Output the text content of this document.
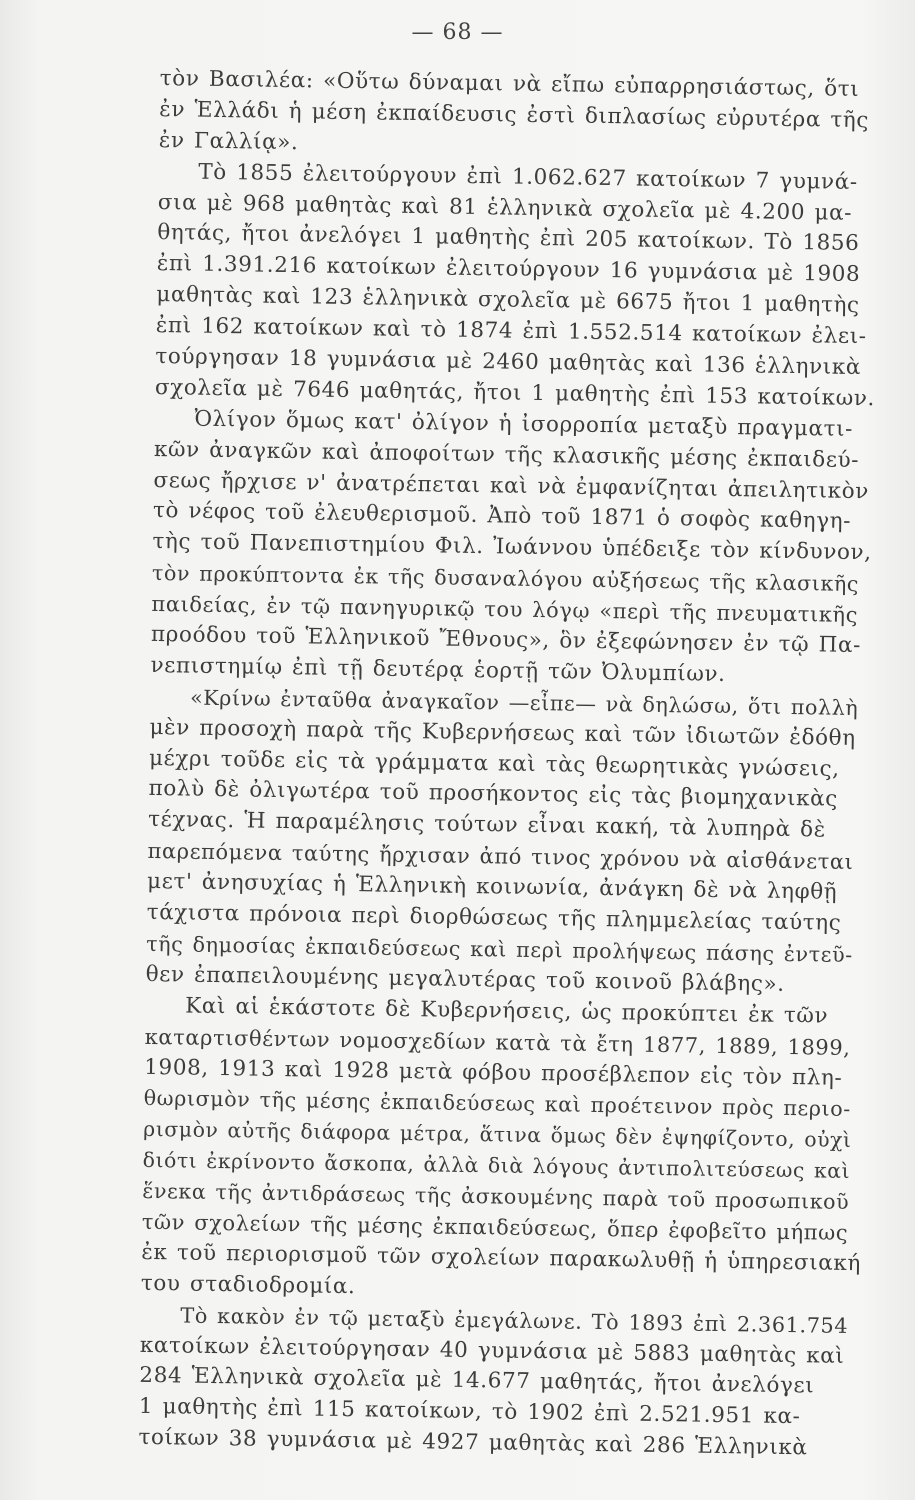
— 68 —
τὸν Βασιλέα: «Οὕτω δύναμαι νὰ εἴπω εὐπαρρησιάστως, ὅτι
ἐν Ἑλλάδι ἡ μέση ἐκπαίδευσις ἐστὶ διπλασίως εὐρυτέρα τῆς
ἐν Γαλλίᾳ».
Τὸ 1855 ἐλειτούργουν ἐπὶ 1.062.627 κατοίκων 7 γυμνά-
σια μὲ 968 μαθητὰς καὶ 81 ἑλληνικὰ σχολεῖα μὲ 4.200 μα-
θητάς, ἤτοι ἀνελόγει 1 μαθητὴς ἐπὶ 205 κατοίκων. Τὸ 1856
ἐπὶ 1.391.216 κατοίκων ἐλειτούργουν 16 γυμνάσια μὲ 1908
μαθητὰς καὶ 123 ἑλληνικὰ σχολεῖα μὲ 6675 ἤτοι 1 μαθητὴς
ἐπὶ 162 κατοίκων καὶ τὸ 1874 ἐπὶ 1.552.514 κατοίκων ἐλει-
τούργησαν 18 γυμνάσια μὲ 2460 μαθητὰς καὶ 136 ἑλληνικὰ
σχολεῖα μὲ 7646 μαθητάς, ἤτοι 1 μαθητὴς ἐπὶ 153 κατοίκων.
Ὀλίγον ὅμως κατ' ὀλίγον ἡ ἰσορροπία μεταξὺ πραγματι-
κῶν ἀναγκῶν καὶ ἀποφοίτων τῆς κλασικῆς μέσης ἐκπαιδεύ-
σεως ἤρχισε ν' ἀνατρέπεται καὶ νὰ ἐμφανίζηται ἀπειλητικὸν
τὸ νέφος τοῦ ἐλευθερισμοῦ. Ἀπὸ τοῦ 1871 ὁ σοφὸς καθηγη-
τὴς τοῦ Πανεπιστημίου Φιλ. Ἰωάννου ὑπέδειξε τὸν κίνδυνον,
τὸν προκύπτοντα ἐκ τῆς δυσαναλόγου αὐξήσεως τῆς κλασικῆς
παιδείας, ἐν τῷ πανηγυρικῷ του λόγῳ «περὶ τῆς πνευματικῆς
προόδου τοῦ Ἑλληνικοῦ Ἔθνους», ὃν ἐξεφώνησεν ἐν τῷ Πα-
νεπιστημίῳ ἐπὶ τῇ δευτέρᾳ ἑορτῇ τῶν Ὀλυμπίων.
«Κρίνω ἐνταῦθα ἀναγκαῖον —εἶπε— νὰ δηλώσω, ὅτι πολλὴ
μὲν προσοχὴ παρὰ τῆς Κυβερνήσεως καὶ τῶν ἰδιωτῶν ἐδόθη
μέχρι τοῦδε εἰς τὰ γράμματα καὶ τὰς θεωρητικὰς γνώσεις,
πολὺ δὲ ὀλιγωτέρα τοῦ προσήκοντος εἰς τὰς βιομηχανικὰς
τέχνας. Ἡ παραμέλησις τούτων εἶναι κακή, τὰ λυπηρὰ δὲ
παρεπόμενα ταύτης ἤρχισαν ἀπό τινος χρόνου νὰ αἰσθάνεται
μετ' ἀνησυχίας ἡ Ἑλληνικὴ κοινωνία, ἀνάγκη δὲ νὰ ληφθῇ
τάχιστα πρόνοια περὶ διορθώσεως τῆς πλημμελείας ταύτης
τῆς δημοσίας ἐκπαιδεύσεως καὶ περὶ προλήψεως πάσης ἐντεῦ-
θεν ἐπαπειλουμένης μεγαλυτέρας τοῦ κοινοῦ βλάβης».
Καὶ αἱ ἑκάστοτε δὲ Κυβερνήσεις, ὡς προκύπτει ἐκ τῶν
καταρτισθέντων νομοσχεδίων κατὰ τὰ ἔτη 1877, 1889, 1899,
1908, 1913 καὶ 1928 μετὰ φόβου προσέβλεπον εἰς τὸν πλη-
θωρισμὸν τῆς μέσης ἐκπαιδεύσεως καὶ προέτεινον πρὸς περιο-
ρισμὸν αὐτῆς διάφορα μέτρα, ἅτινα ὅμως δὲν ἐψηφίζοντο, οὐχὶ
διότι ἐκρίνοντο ἄσκοπα, ἀλλὰ διὰ λόγους ἀντιπολιτεύσεως καὶ
ἕνεκα τῆς ἀντιδράσεως τῆς ἀσκουμένης παρὰ τοῦ προσωπικοῦ
τῶν σχολείων τῆς μέσης ἐκπαιδεύσεως, ὅπερ ἐφοβεῖτο μήπως
ἐκ τοῦ περιορισμοῦ τῶν σχολείων παρακωλυθῇ ἡ ὑπηρεσιακή
του σταδιοδρομία.
Τὸ κακὸν ἐν τῷ μεταξὺ ἐμεγάλωνε. Τὸ 1893 ἐπὶ 2.361.754
κατοίκων ἐλειτούργησαν 40 γυμνάσια μὲ 5883 μαθητὰς καὶ
284 Ἑλληνικὰ σχολεῖα μὲ 14.677 μαθητάς, ἤτοι ἀνελόγει
1 μαθητὴς ἐπὶ 115 κατοίκων, τὸ 1902 ἐπὶ 2.521.951 κα-
τοίκων 38 γυμνάσια μὲ 4927 μαθητὰς καὶ 286 Ἑλληνικὰ
